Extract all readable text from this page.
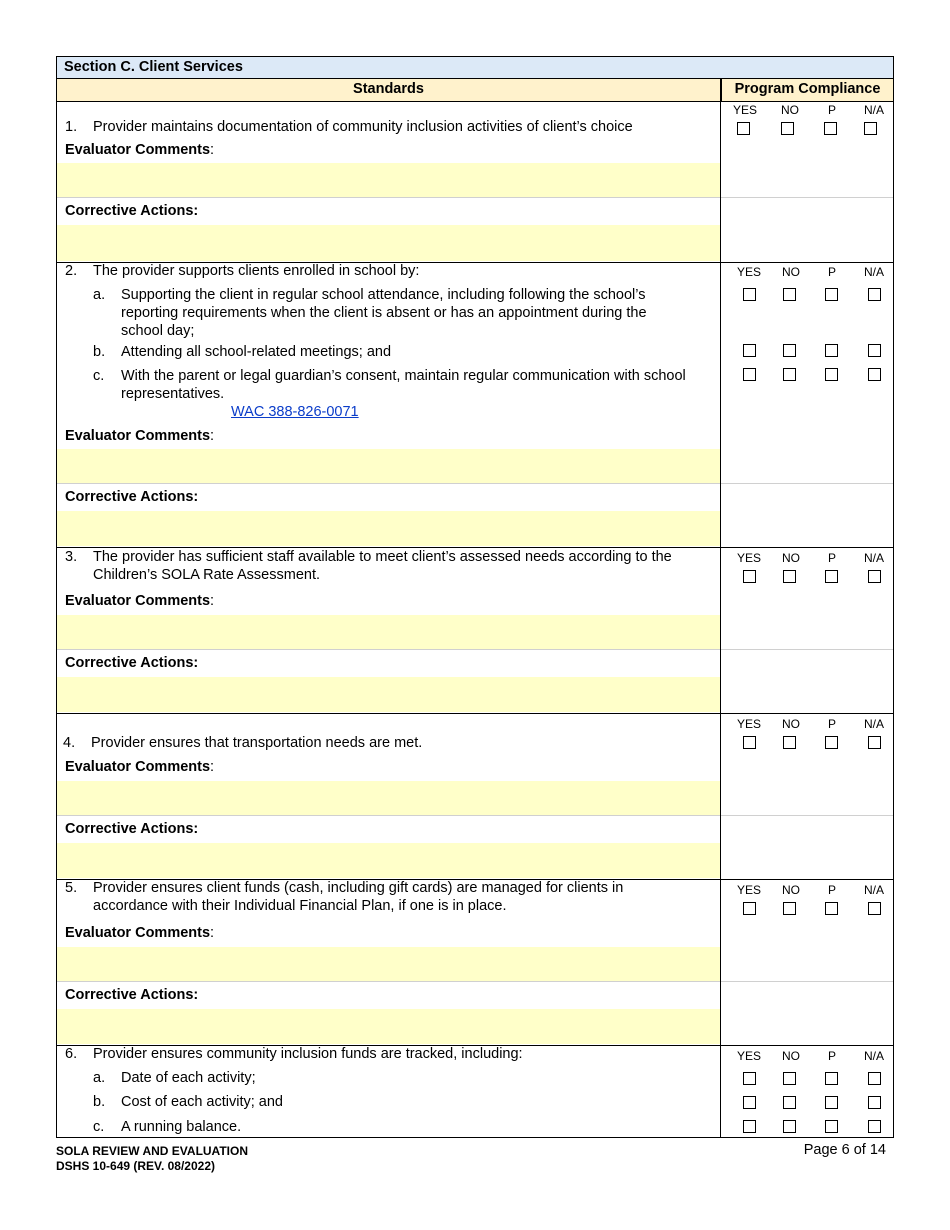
Section C. Client Services
Standards	Program Compliance
YES	NO	P	N/A
1. Provider maintains documentation of community inclusion activities of client’s choice
Evaluator Comments:
Corrective Actions:
YES	NO	P	N/A
2. The provider supports clients enrolled in school by:
a. Supporting the client in regular school attendance, including following the school’s reporting requirements when the client is absent or has an appointment during the school day;
b. Attending all school-related meetings; and
c. With the parent or legal guardian’s consent, maintain regular communication with school representatives.
WAC 388-826-0071
Evaluator Comments:
Corrective Actions:
YES	NO	P	N/A
3. The provider has sufficient staff available to meet client’s assessed needs according to the Children’s SOLA Rate Assessment.
Evaluator Comments:
Corrective Actions:
YES	NO	P	N/A
4. Provider ensures that transportation needs are met.
Evaluator Comments:
Corrective Actions:
YES	NO	P	N/A
5. Provider ensures client funds (cash, including gift cards) are managed for clients in accordance with their Individual Financial Plan, if one is in place.
Evaluator Comments:
Corrective Actions:
YES	NO	P	N/A
6. Provider ensures community inclusion funds are tracked, including:
a. Date of each activity;
b. Cost of each activity; and
c. A running balance.
SOLA REVIEW AND EVALUATION
DSHS 10-649 (REV. 08/2022)
Page 6 of 14
